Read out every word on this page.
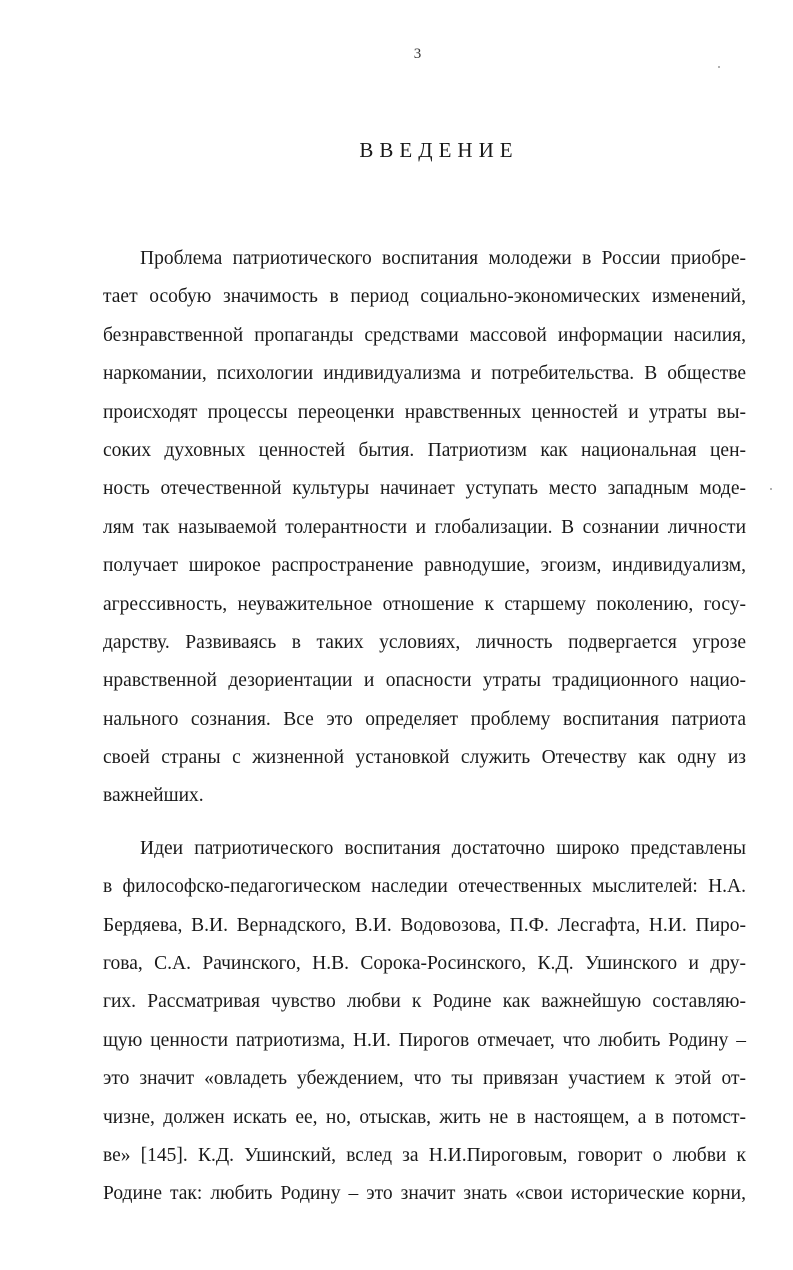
3
ВВЕДЕНИЕ
Проблема патриотического воспитания молодежи в России приобре-
тает особую значимость в период социально-экономических изменений,
безнравственной пропаганды средствами массовой информации насилия,
наркомании, психологии индивидуализма и потребительства. В обществе
происходят процессы переоценки нравственных ценностей и утраты вы-
соких духовных ценностей бытия. Патриотизм как национальная цен-
ность отечественной культуры начинает уступать место западным моде-
лям так называемой толерантности и глобализации. В сознании личности
получает широкое распространение равнодушие, эгоизм, индивидуализм,
агрессивность, неуважительное отношение к старшему поколению, госу-
дарству. Развиваясь в таких условиях, личность подвергается угрозе
нравственной дезориентации и опасности утраты традиционного нацио-
нального сознания. Все это определяет проблему воспитания патриота
своей страны с жизненной установкой служить Отечеству как одну из
важнейших.
Идеи патриотического воспитания достаточно широко представлены
в философско-педагогическом наследии отечественных мыслителей: Н.А.
Бердяева, В.И. Вернадского, В.И. Водовозова, П.Ф. Лесгафта, Н.И. Пиро-
гова, С.А. Рачинского, Н.В. Сорока-Росинского, К.Д. Ушинского и дру-
гих. Рассматривая чувство любви к Родине как важнейшую составляю-
щую ценности патриотизма, Н.И. Пирогов отмечает, что любить Родину –
это значит «овладеть убеждением, что ты привязан участием к этой от-
чизне, должен искать ее, но, отыскав, жить не в настоящем, а в потомст-
ве» [145]. К.Д. Ушинский, вслед за Н.И.Пироговым, говорит о любви к
Родине так: любить Родину – это значит знать «свои исторические корни,
